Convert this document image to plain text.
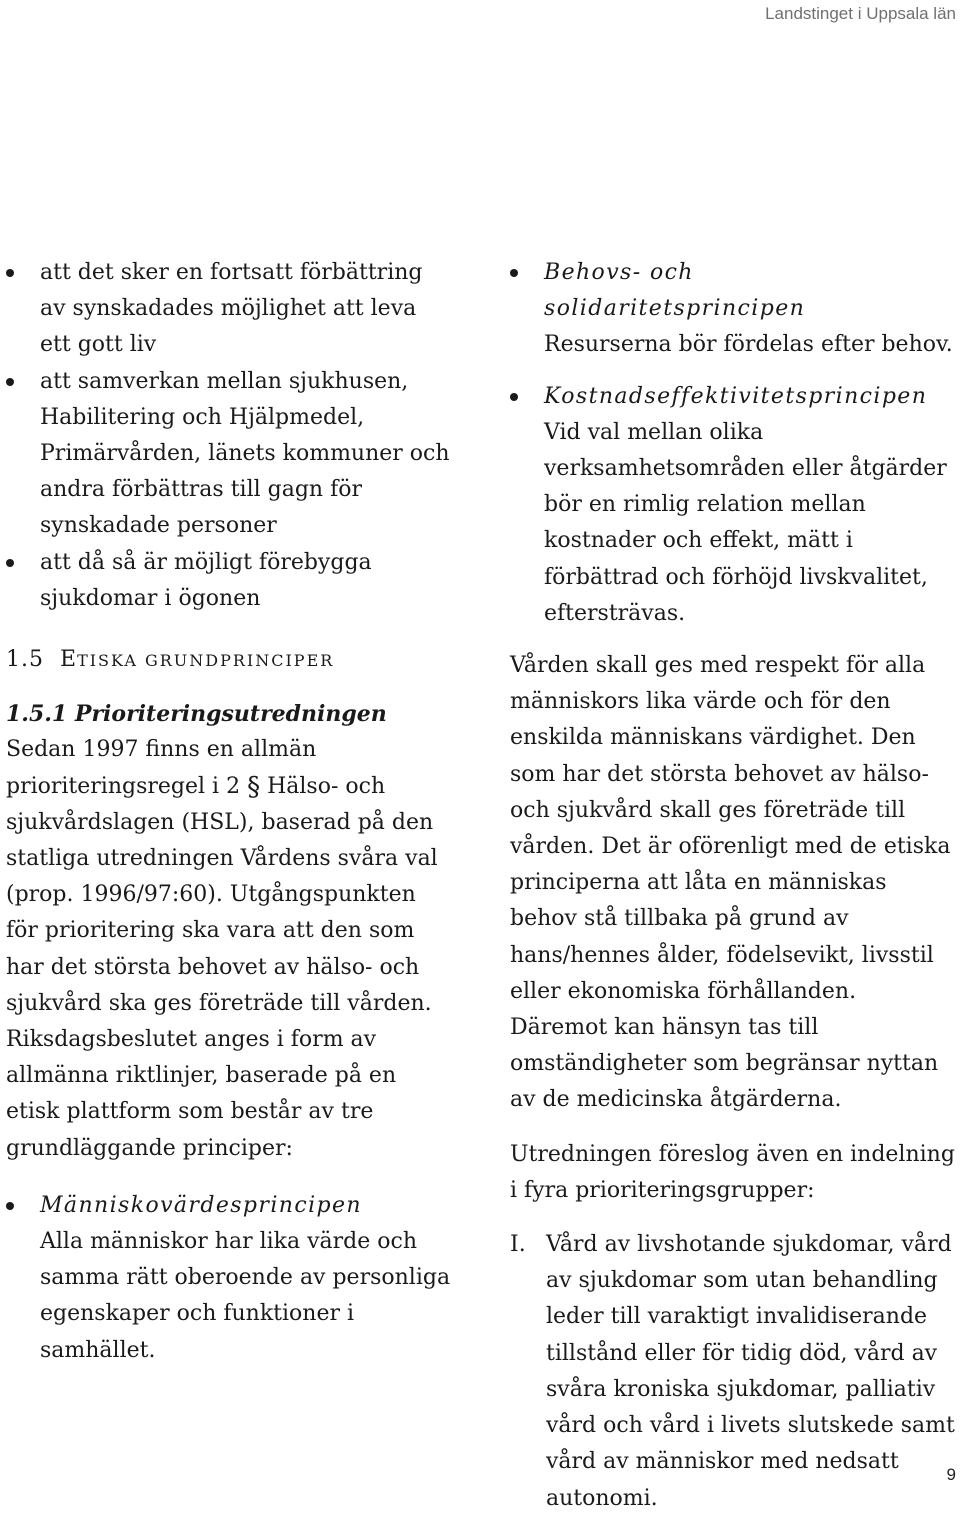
Landstinget i Uppsala län
att det sker en fortsatt förbättring av synskadades möjlighet att leva ett gott liv
att samverkan mellan sjukhusen, Habilitering och Hjälpmedel, Primärvården, länets kommuner och andra förbättras till gagn för synskadade personer
att då så är möjligt förebygga sjukdomar i ögonen

1.5 ETISKA GRUNDPRINCIPER

1.5.1 Prioriteringsutredningen

Sedan 1997 finns en allmän prioriteringsregel i 2 § Hälso- och sjukvårdslagen (HSL), baserad på den statliga utredningen Vårdens svåra val (prop. 1996/97:60). Utgångspunkten för prioritering ska vara att den som har det största behovet av hälso- och sjukvård ska ges företräde till vården. Riksdagsbeslutet anges i form av allmänna riktlinjer, baserade på en etisk plattform som består av tre grundläggande principer:

Människovärdesprincipen
Alla människor har lika värde och samma rätt oberoende av personliga egenskaper och funktioner i samhället.
Behovs- och solidaritetsprincipen
Resurserna bör fördelas efter behov.
Kostnadseffektivitetsprincipen
Vid val mellan olika verksamhetsområden eller åtgärder bör en rimlig relation mellan kostnader och effekt, mätt i förbättrad och förhöjd livskvalitet, eftersträvas.

Vården skall ges med respekt för alla människors lika värde och för den enskilda människans värdighet. Den som har det största behovet av hälso- och sjukvård skall ges företräde till vården. Det är oförenligt med de etiska principerna att låta en människas behov stå tillbaka på grund av hans/hennes ålder, födelsevikt, livsstil eller ekonomiska förhållanden. Däremot kan hänsyn tas till omständigheter som begränsar nyttan av de medicinska åtgärderna.

Utredningen föreslog även en indelning i fyra prioriteringsgrupper:

I. Vård av livshotande sjukdomar, vård av sjukdomar som utan behandling leder till varaktigt invalidiserande tillstånd eller för tidig död, vård av svåra kroniska sjukdomar, palliativ vård och vård i livets slutskede samt vård av människor med nedsatt autonomi.
9
